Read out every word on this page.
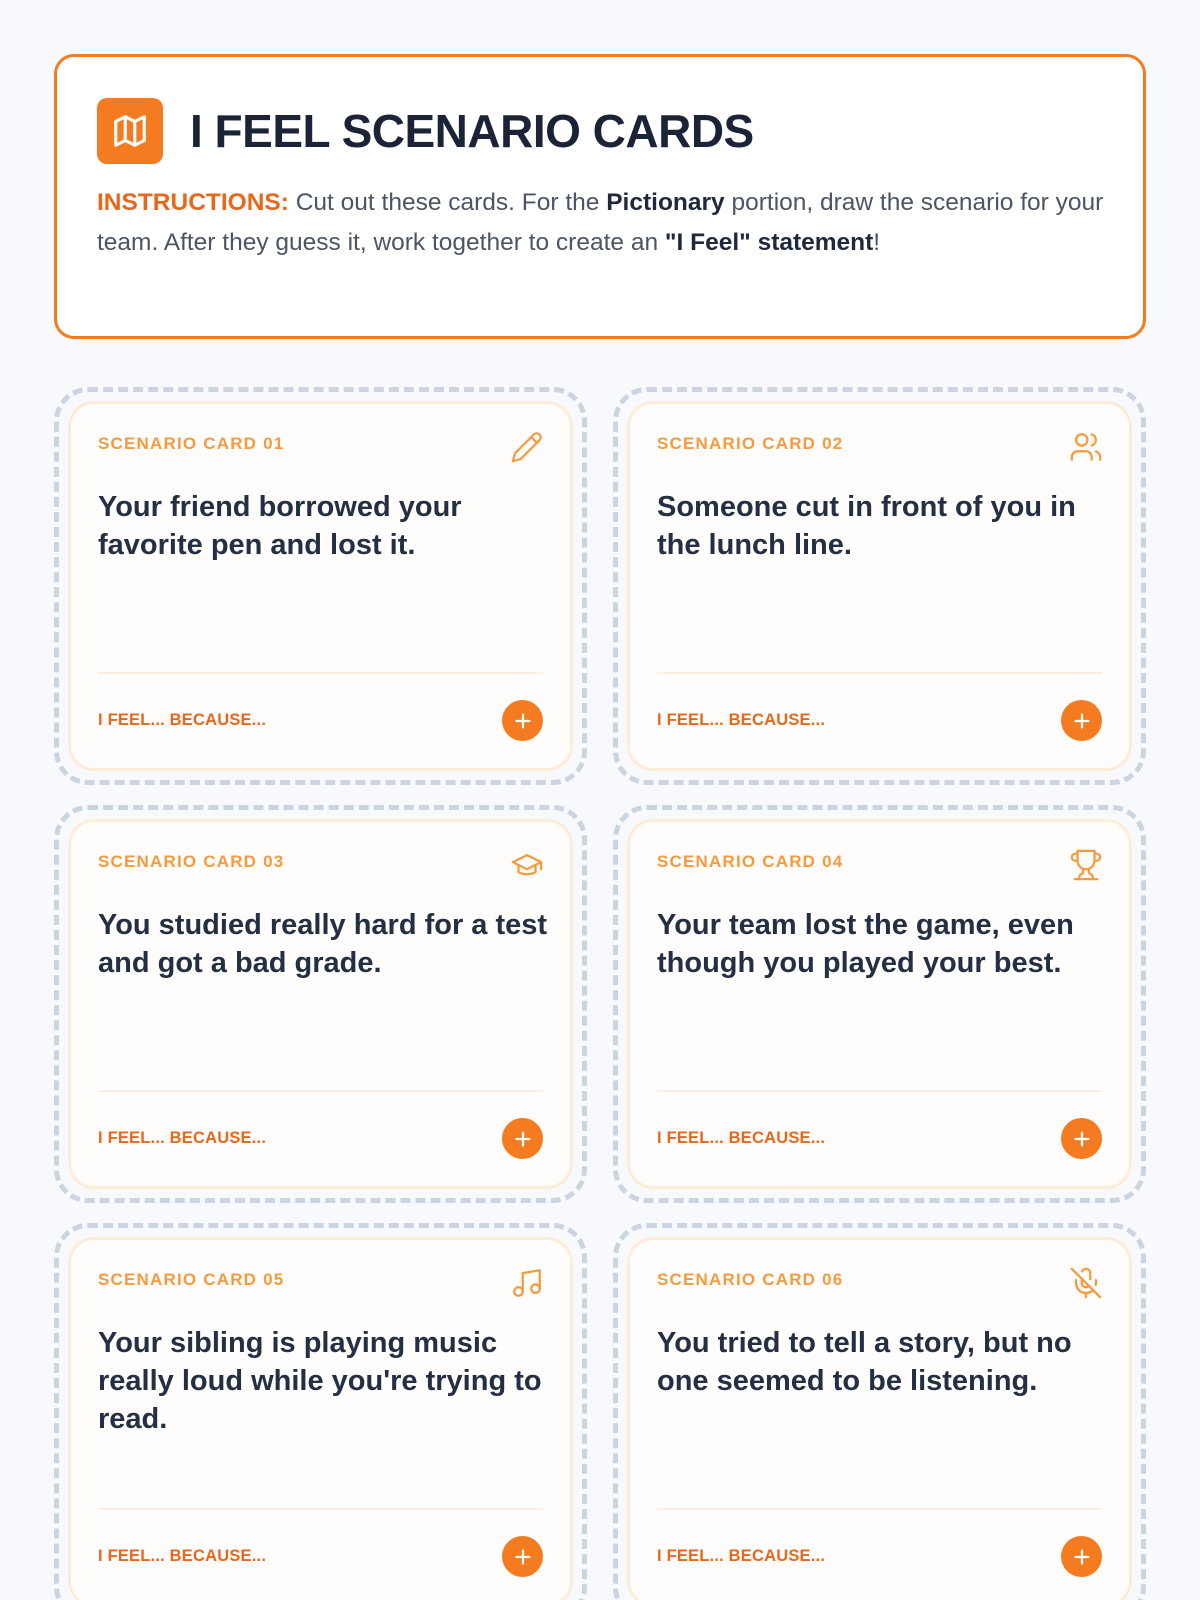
I FEEL SCENARIO CARDS

INSTRUCTIONS: Cut out these cards. For the Pictionary portion, draw the scenario for your team. After they guess it, work together to create an "I Feel" statement!

SCENARIO CARD 01
Your friend borrowed your favorite pen and lost it.
I FEEL... BECAUSE...
SCENARIO CARD 02
Someone cut in front of you in the lunch line.
I FEEL... BECAUSE...
SCENARIO CARD 03
You studied really hard for a test and got a bad grade.
I FEEL... BECAUSE...
SCENARIO CARD 04
Your team lost the game, even though you played your best.
I FEEL... BECAUSE...
SCENARIO CARD 05
Your sibling is playing music really loud while you're trying to read.
I FEEL... BECAUSE...
SCENARIO CARD 06
You tried to tell a story, but no one seemed to be listening.
I FEEL... BECAUSE...
